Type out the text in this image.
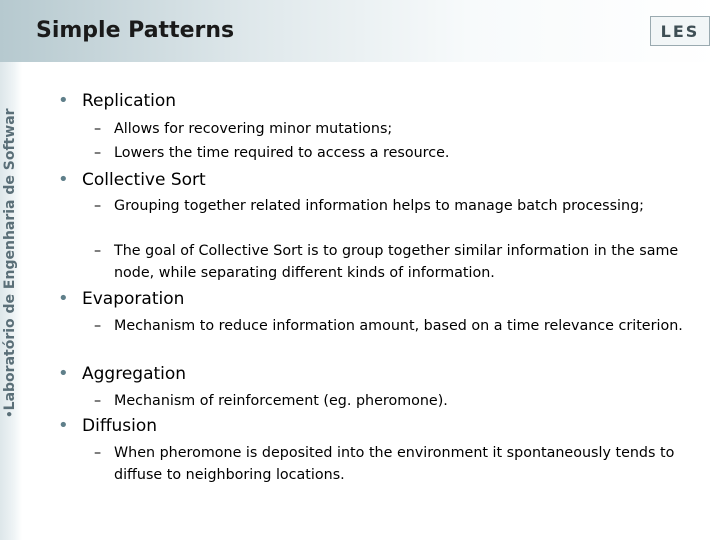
Simple Patterns	LES
•Laboratório de Engenharia de Softwar
• Replication
– Allows for recovering minor mutations;
– Lowers the time required to access a resource.
• Collective Sort
– Grouping together related information helps to manage batch processing;
– The goal of Collective Sort is to group together similar information in the same node, while separating different kinds of information.
• Evaporation
– Mechanism to reduce information amount, based on a time relevance criterion.
• Aggregation
– Mechanism of reinforcement (eg. pheromone).
• Diffusion
– When pheromone is deposited into the environment it spontaneously tends to diffuse to neighboring locations.
